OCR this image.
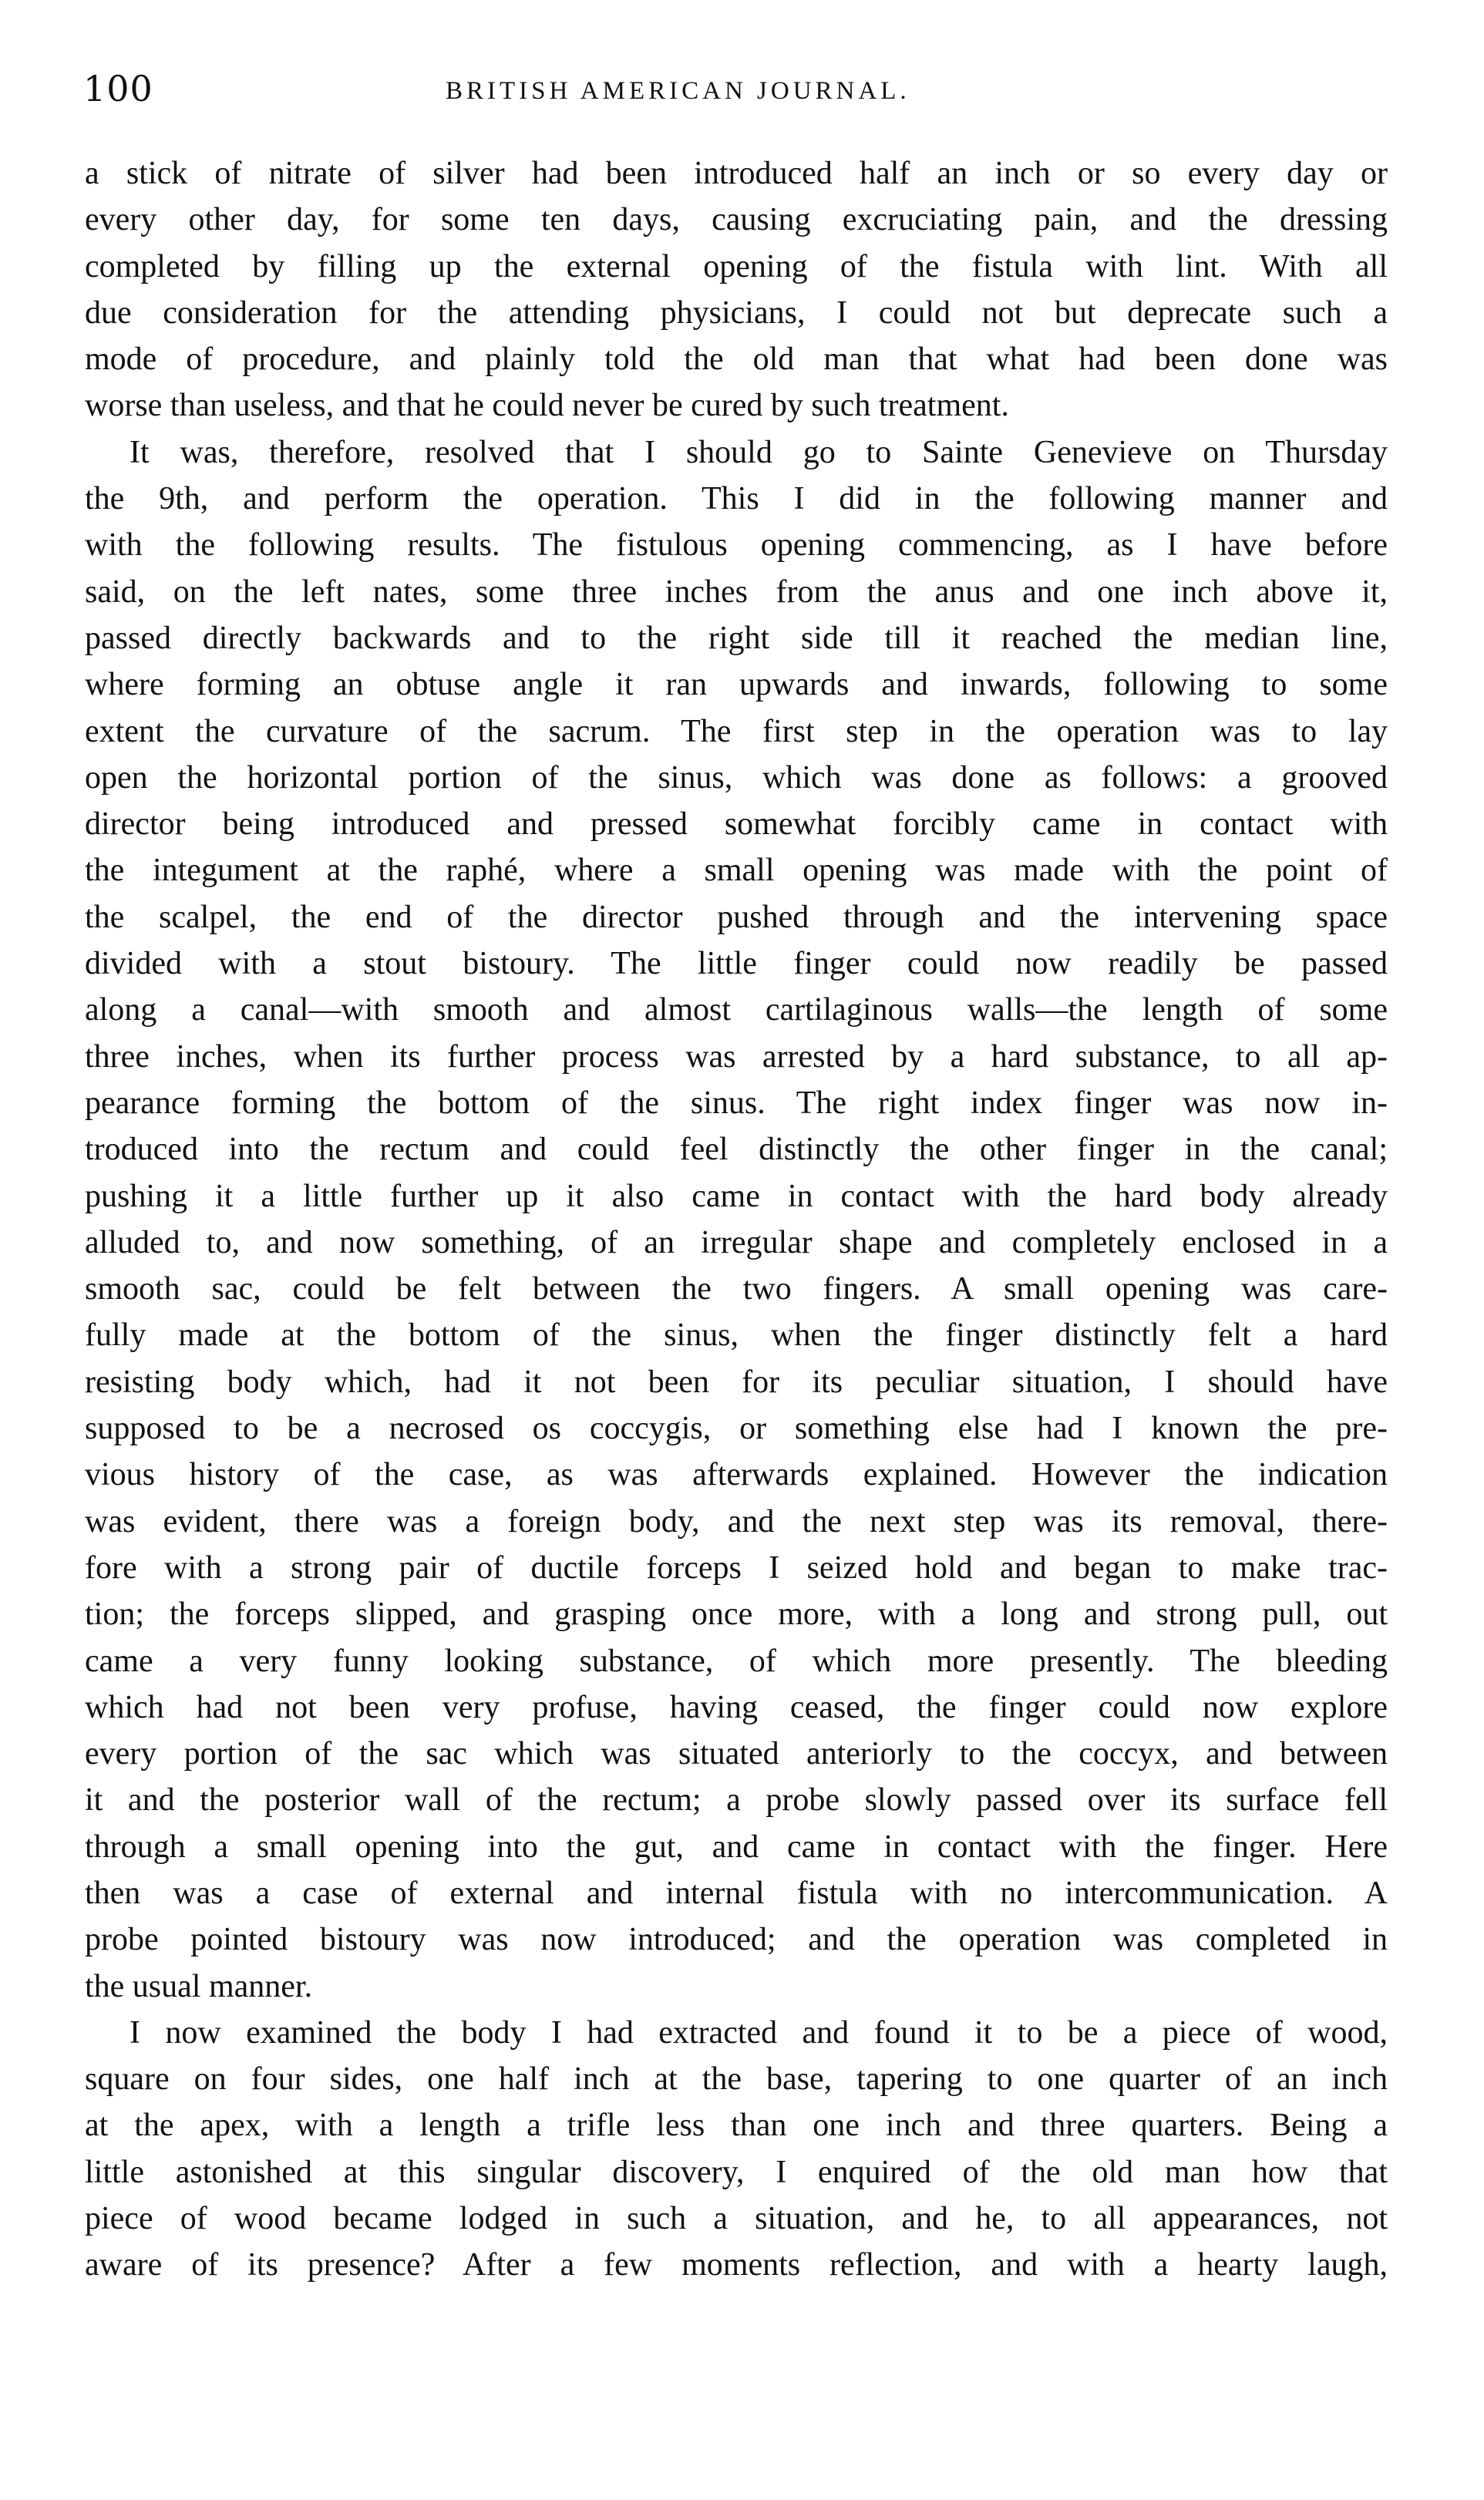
100	BRITISH AMERICAN JOURNAL.

a stick of nitrate of silver had been introduced half an inch or so every day or

every other day, for some ten days, causing excruciating pain, and the dressing

completed by filling up the external opening of the fistula with lint. With all

due consideration for the attending physicians, I could not but deprecate such a

mode of procedure, and plainly told the old man that what had been done was

worse than useless, and that he could never be cured by such treatment.

It was, therefore, resolved that I should go to Sainte Genevieve on Thursday

the 9th, and perform the operation. This I did in the following manner and

with the following results. The fistulous opening commencing, as I have before

said, on the left nates, some three inches from the anus and one inch above it,

passed directly backwards and to the right side till it reached the median line,

where forming an obtuse angle it ran upwards and inwards, following to some

extent the curvature of the sacrum. The first step in the operation was to lay

open the horizontal portion of the sinus, which was done as follows: a grooved

director being introduced and pressed somewhat forcibly came in contact with

the integument at the raphé, where a small opening was made with the point of

the scalpel, the end of the director pushed through and the intervening space

divided with a stout bistoury. The little finger could now readily be passed

along a canal—with smooth and almost cartilaginous walls—the length of some

three inches, when its further process was arrested by a hard substance, to all ap-

pearance forming the bottom of the sinus. The right index finger was now in-

troduced into the rectum and could feel distinctly the other finger in the canal;

pushing it a little further up it also came in contact with the hard body already

alluded to, and now something, of an irregular shape and completely enclosed in a

smooth sac, could be felt between the two fingers. A small opening was care-

fully made at the bottom of the sinus, when the finger distinctly felt a hard

resisting body which, had it not been for its peculiar situation, I should have

supposed to be a necrosed os coccygis, or something else had I known the pre-

vious history of the case, as was afterwards explained. However the indication

was evident, there was a foreign body, and the next step was its removal, there-

fore with a strong pair of ductile forceps I seized hold and began to make trac-

tion; the forceps slipped, and grasping once more, with a long and strong pull, out

came a very funny looking substance, of which more presently. The bleeding

which had not been very profuse, having ceased, the finger could now explore

every portion of the sac which was situated anteriorly to the coccyx, and between

it and the posterior wall of the rectum; a probe slowly passed over its surface fell

through a small opening into the gut, and came in contact with the finger. Here

then was a case of external and internal fistula with no intercommunication. A

probe pointed bistoury was now introduced; and the operation was completed in

the usual manner.

I now examined the body I had extracted and found it to be a piece of wood,

square on four sides, one half inch at the base, tapering to one quarter of an inch

at the apex, with a length a trifle less than one inch and three quarters. Being a

little astonished at this singular discovery, I enquired of the old man how that

piece of wood became lodged in such a situation, and he, to all appearances, not

aware of its presence? After a few moments reflection, and with a hearty laugh,
